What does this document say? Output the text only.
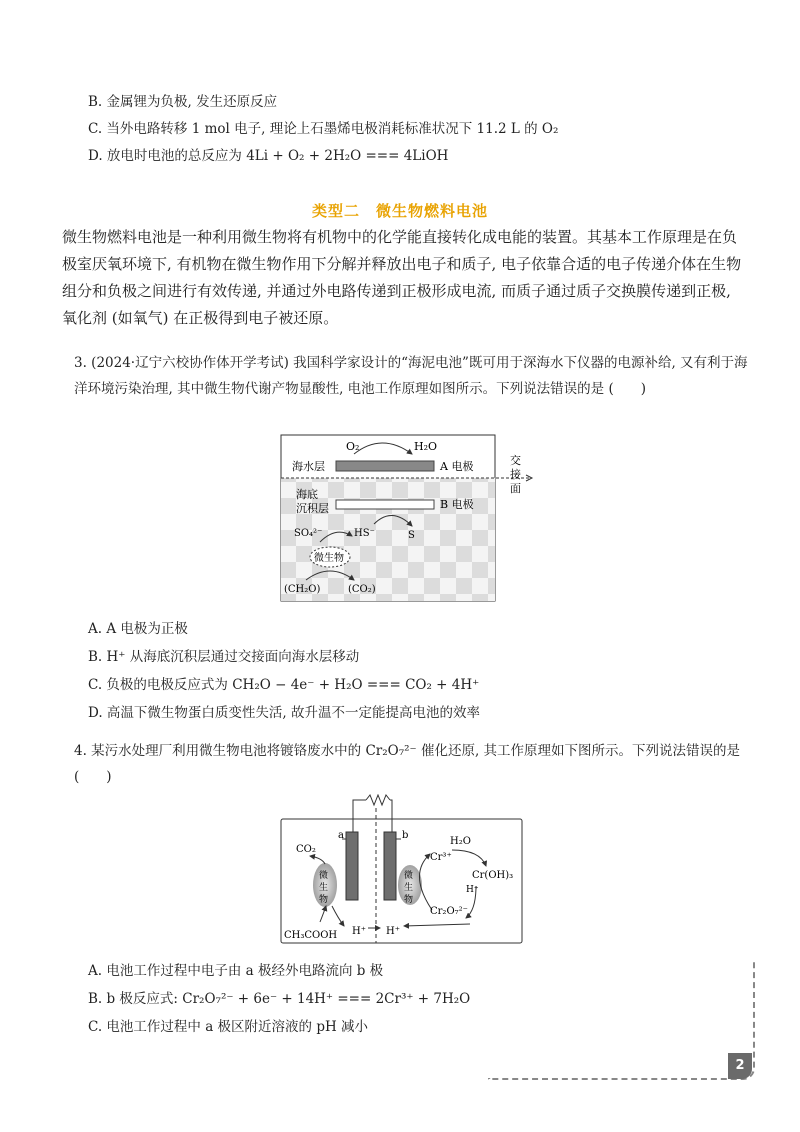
B. 金属锂为负极, 发生还原反应
C. 当外电路转移 1 mol 电子, 理论上石墨烯电极消耗标准状况下 11.2 L 的 O₂
D. 放电时电池的总反应为 4Li + O₂ + 2H₂O === 4LiOH
类型二　微生物燃料电池
微生物燃料电池是一种利用微生物将有机物中的化学能直接转化成电能的装置。其基本工作原理是在负极室厌氧环境下, 有机物在微生物作用下分解并释放出电子和质子, 电子依靠合适的电子传递介体在生物组分和负极之间进行有效传递, 并通过外电路传递到正极形成电流, 而质子通过质子交换膜传递到正极, 氧化剂 (如氧气) 在正极得到电子被还原。
3. (2024·辽宁六校协作体开学考试) 我国科学家设计的“海泥电池”既可用于深海水下仪器的电源补给, 又有利于海洋环境污染治理, 其中微生物代谢产物显酸性, 电池工作原理如图所示。下列说法错误的是 (　　)
O₂	H₂O
海水层	A 电极	交
接
面
海底
沉积层	B 电极
SO₄²⁻	HS⁻	S
微生物
(CH₂O)	(CO₂)
A. A 电极为正极
B. H⁺ 从海底沉积层通过交接面向海水层移动
C. 负极的电极反应式为 CH₂O − 4e⁻ + H₂O === CO₂ + 4H⁺
D. 高温下微生物蛋白质变性失活, 故升温不一定能提高电池的效率
4. 某污水处理厂利用微生物电池将镀铬废水中的 Cr₂O₇²⁻ 催化还原, 其工作原理如下图所示。下列说法错误的是 (　　)
a	b
CO₂
微
生
物
微
生
物
CH₃COOH H⁺ H⁺
H₂O
Cr³⁺
Cr(OH)₃
H⁺
Cr₂O₇²⁻
A. 电池工作过程中电子由 a 极经外电路流向 b 极
B. b 极反应式: Cr₂O₇²⁻ + 6e⁻ + 14H⁺ === 2Cr³⁺ + 7H₂O
C. 电池工作过程中 a 极区附近溶液的 pH 减小
2
